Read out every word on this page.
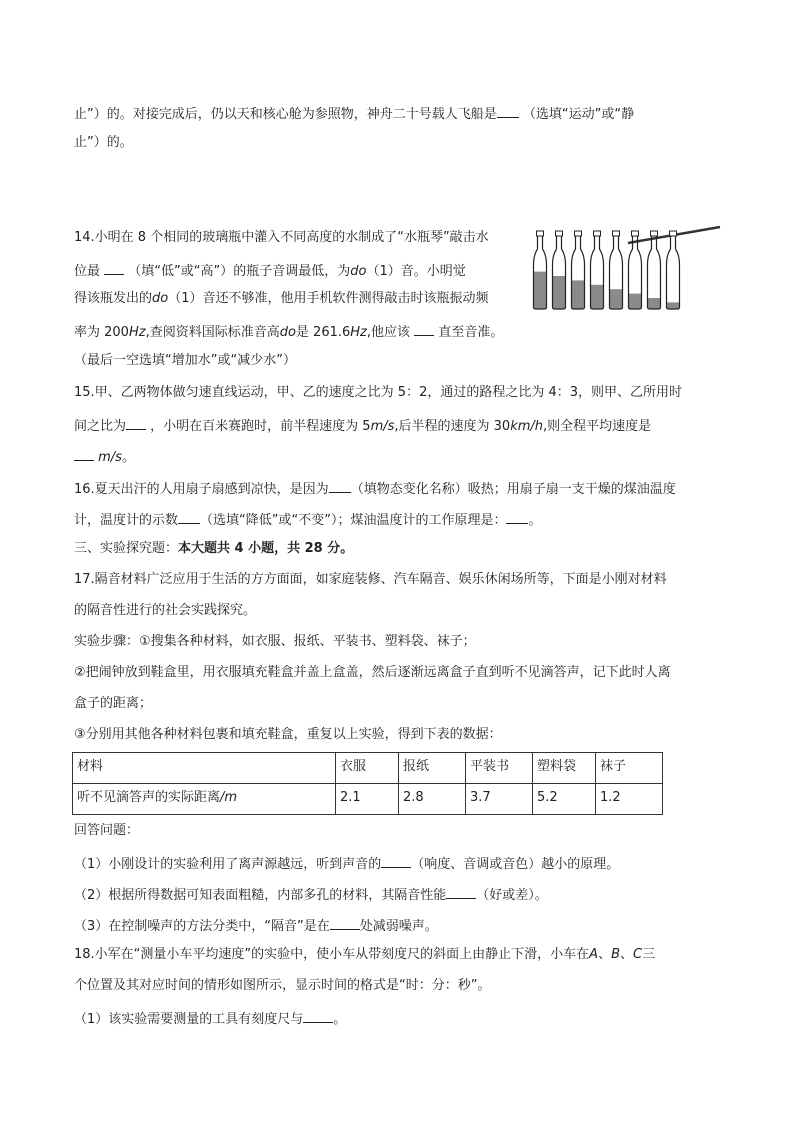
止”）的。对接完成后，仍以天和核心舱为参照物，神舟二十号载人飞船是 （选填“运动”或“静
止”）的。
14.小明在 8 个相同的玻璃瓶中灌入不同高度的水制成了“水瓶琴”敲击水
位最 （填“低”或“高”）的瓶子音调最低，为do（1）音。小明觉
得该瓶发出的do（1）音还不够准，他用手机软件测得敲击时该瓶振动频
率为 200Hz,查阅资料国际标准音高do是 261.6Hz,他应该 直至音准。
（最后一空选填“增加水”或“减少水”）
15.甲、乙两物体做匀速直线运动，甲、乙的速度之比为 5：2，通过的路程之比为 4：3，则甲、乙所用时
间之比为 ，小明在百米赛跑时，前半程速度为 5m/s,后半程的速度为 30km/h,则全程平均速度是
m/s。
16.夏天出汗的人用扇子扇感到凉快，是因为 （填物态变化名称）吸热；用扇子扇一支干燥的煤油温度
计，温度计的示数 （选填“降低”或“不变”）；煤油温度计的工作原理是： 。
三、实验探究题：本大题共 4 小题，共 28 分。
17.隔音材料广泛应用于生活的方方面面，如家庭装修、汽车隔音、娱乐休闲场所等，下面是小刚对材料
的隔音性进行的社会实践探究。
实验步骤：①搜集各种材料，如衣服、报纸、平装书、塑料袋、袜子；
②把闹钟放到鞋盒里，用衣服填充鞋盒并盖上盒盖，然后逐渐远离盒子直到听不见滴答声，记下此时人离
盒子的距离；
③分别用其他各种材料包裹和填充鞋盒，重复以上实验，得到下表的数据：
材料	衣服	报纸	平装书	塑料袋	袜子
听不见滴答声的实际距离/m	2.1	2.8	3.7	5.2	1.2
回答问题：
（1）小刚设计的实验利用了离声源越远，听到声音的 （响度、音调或音色）越小的原理。
（2）根据所得数据可知表面粗糙，内部多孔的材料，其隔音性能 （好或差）。
（3）在控制噪声的方法分类中，“隔音”是在 处减弱噪声。
18.小军在“测量小车平均速度”的实验中，使小车从带刻度尺的斜面上由静止下滑，小车在A、B、C三
个位置及其对应时间的情形如图所示，显示时间的格式是“时：分：秒”。
（1）该实验需要测量的工具有刻度尺与 。
